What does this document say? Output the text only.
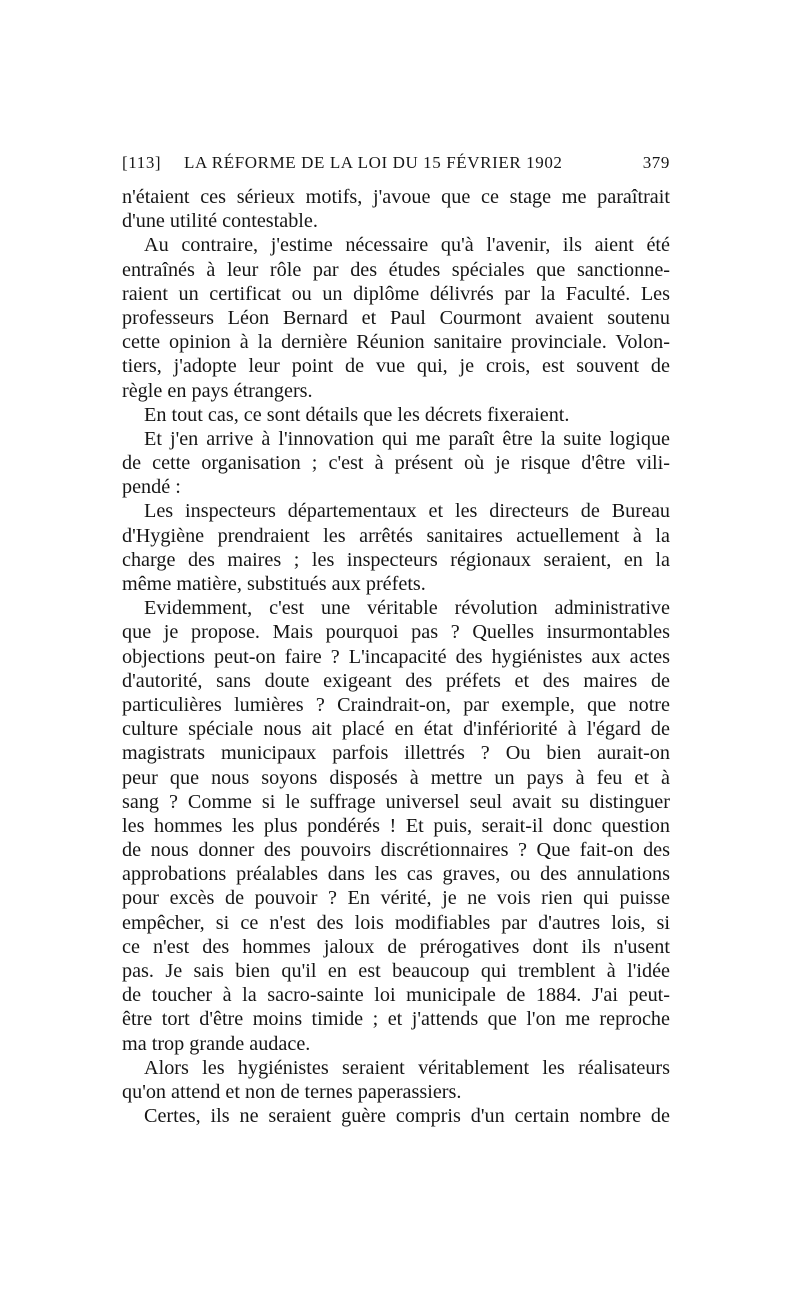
[113] LA RÉFORME DE LA LOI DU 15 FÉVRIER 1902	379
n'étaient ces sérieux motifs, j'avoue que ce stage me paraîtrait
d'une utilité contestable.
Au contraire, j'estime nécessaire qu'à l'avenir, ils aient été
entraînés à leur rôle par des études spéciales que sanctionne-
raient un certificat ou un diplôme délivrés par la Faculté. Les
professeurs Léon Bernard et Paul Courmont avaient soutenu
cette opinion à la dernière Réunion sanitaire provinciale. Volon-
tiers, j'adopte leur point de vue qui, je crois, est souvent de
règle en pays étrangers.
En tout cas, ce sont détails que les décrets fixeraient.
Et j'en arrive à l'innovation qui me paraît être la suite logique
de cette organisation ; c'est à présent où je risque d'être vili-
pendé :
Les inspecteurs départementaux et les directeurs de Bureau
d'Hygiène prendraient les arrêtés sanitaires actuellement à la
charge des maires ; les inspecteurs régionaux seraient, en la
même matière, substitués aux préfets.
Evidemment, c'est une véritable révolution administrative
que je propose. Mais pourquoi pas ? Quelles insurmontables
objections peut-on faire ? L'incapacité des hygiénistes aux actes
d'autorité, sans doute exigeant des préfets et des maires de
particulières lumières ? Craindrait-on, par exemple, que notre
culture spéciale nous ait placé en état d'infériorité à l'égard de
magistrats municipaux parfois illettrés ? Ou bien aurait-on
peur que nous soyons disposés à mettre un pays à feu et à
sang ? Comme si le suffrage universel seul avait su distinguer
les hommes les plus pondérés ! Et puis, serait-il donc question
de nous donner des pouvoirs discrétionnaires ? Que fait-on des
approbations préalables dans les cas graves, ou des annulations
pour excès de pouvoir ? En vérité, je ne vois rien qui puisse
empêcher, si ce n'est des lois modifiables par d'autres lois, si
ce n'est des hommes jaloux de prérogatives dont ils n'usent
pas. Je sais bien qu'il en est beaucoup qui tremblent à l'idée
de toucher à la sacro-sainte loi municipale de 1884. J'ai peut-
être tort d'être moins timide ; et j'attends que l'on me reproche
ma trop grande audace.
Alors les hygiénistes seraient véritablement les réalisateurs
qu'on attend et non de ternes paperassiers.
Certes, ils ne seraient guère compris d'un certain nombre de
